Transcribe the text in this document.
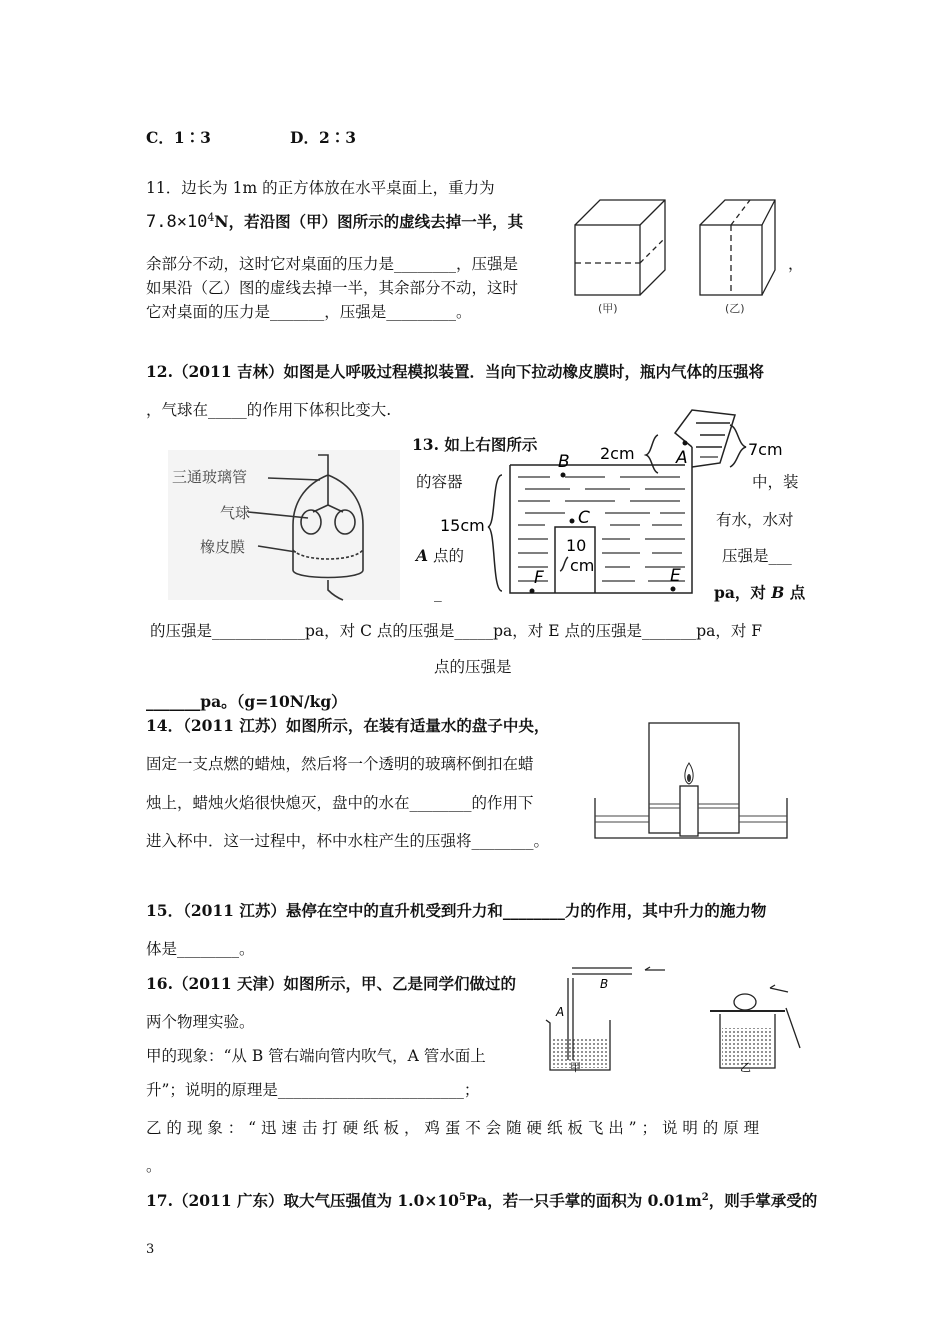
C．1∶3	D．2∶3
11．边长为 1m 的正方体放在水平桌面上，重力为
$7.8\times 10^4N$，若沿图（甲）图所示的虚线去掉一半，其
余部分不动，这时它对桌面的压力是________，压强是
如果沿（乙）图的虚线去掉一半，其余部分不动，这时
它对桌面的压力是_______，压强是_________。
，
(甲)	(乙)
12.（2011 吉林）如图是人呼吸过程模拟装置．当向下拉动橡皮膜时，瓶内气体的压强将
，气球在_____的作用下体积比变大.
三通玻璃管
气球
橡皮膜
13. 如上右图所示
的容器	中，装
有水，水对
A 点的	压强是___
_	pa，对 B 点
的压强是____________pa，对 C 点的压强是_____pa，对 E 点的压强是_______pa，对 F
点的压强是
_______pa。（g=10N/kg）
B	A
C
E
F
2cm	7cm
15cm
10
cm
14．（2011 江苏）如图所示，在装有适量水的盘子中央，
固定一支点燃的蜡烛，然后将一个透明的玻璃杯倒扣在蜡
烛上，蜡烛火焰很快熄灭，盘中的水在________的作用下
进入杯中．这一过程中，杯中水柱产生的压强将________。
15．（2011 江苏）悬停在空中的直升机受到升力和________力的作用，其中升力的施力物
体是________。
16.（2011 天津）如图所示，甲、乙是同学们做过的
两个物理实验。
甲的现象：“从 B 管右端向管内吹气，A 管水面上
升”；说明的原理是________________________；
乙 的 现 象 ： “ 迅 速 击 打 硬 纸 板 ， 鸡 蛋 不 会 随 硬 纸 板 飞 出 ” ； 说 明 的 原 理
。
B
A
甲	乙
17.（2011 广东）取大气压强值为 $1.0\times 10^5Pa$，若一只手掌的面积为 $0.01m^2$，则手掌承受的
3
